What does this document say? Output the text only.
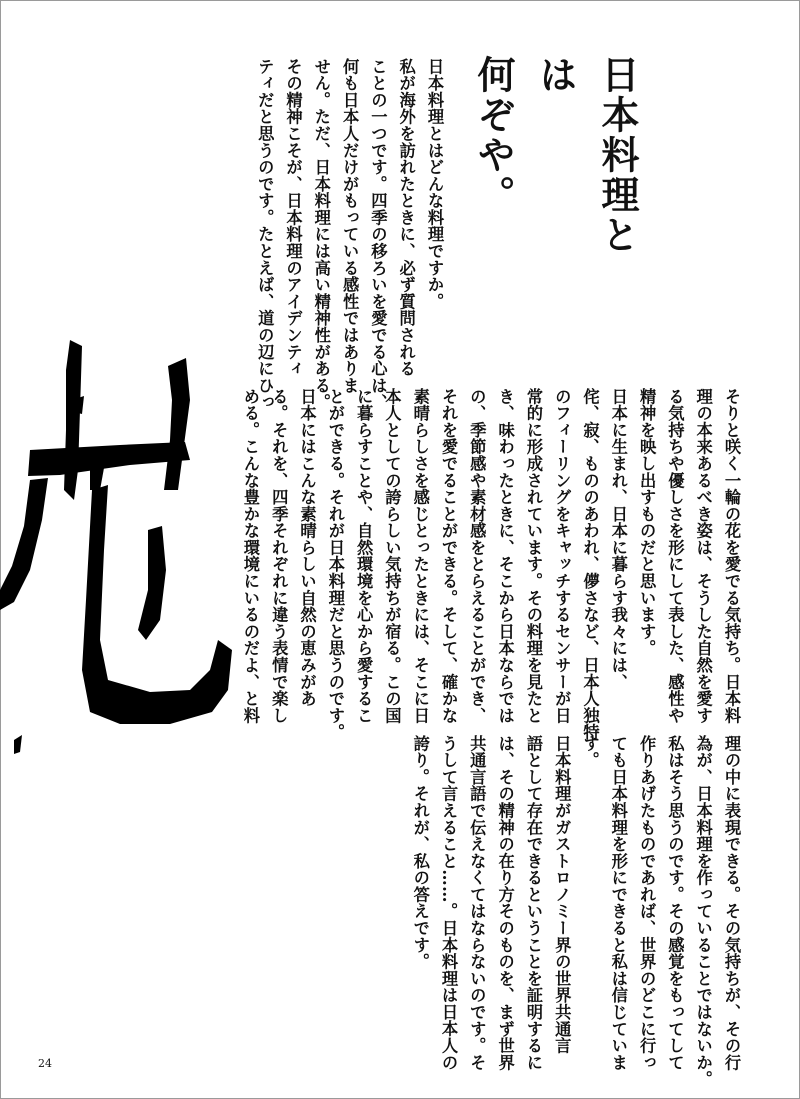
日本料理とは
何ぞや。
日本料理とはどんな料理ですか。
私が海外を訪れたときに、必ず質問される
ことの一つです。四季の移ろいを愛でる心は、
何も日本人だけがもっている感性ではありま
せん。ただ、日本料理には高い精神性がある。
その精神こそが、日本料理のアイデンティ
ティだと思うのです。たとえば、道の辺にひっ
そりと咲く一輪の花を愛でる気持ち。日本料
理の本来あるべき姿は、そうした自然を愛す
る気持ちや優しさを形にして表した、感性や
精神を映し出すものだと思います。
日本に生まれ、日本に暮らす我々には、
侘、寂、もののあわれ、儚さなど、日本人独特
のフィーリングをキャッチするセンサーが日
常的に形成されています。その料理を見たと
き、味わったときに、そこから日本ならでは
の、季節感や素材感をとらえることができ、
それを愛でることができる。そして、確かな
素晴らしさを感じとったときには、そこに日
本人としての誇らしい気持ちが宿る。この国
に暮らすことや、自然環境を心から愛するこ
とができる。それが日本料理だと思うのです。
日本にはこんな素晴らしい自然の恵みがあ
る。それを、四季それぞれに違う表情で楽し
める。こんな豊かな環境にいるのだよ、と料
理の中に表現できる。その気持ちが、その行
為が、日本料理を作っていることではないか。
私はそう思うのです。その感覚をもってして
作りあげたものであれば、世界のどこに行っ
ても日本料理を形にできると私は信じていま
す。
日本料理がガストロノミー界の世界共通言
語として存在できるということを証明するに
は、その精神の在り方そのものを、まず世界
共通言語で伝えなくてはならないのです。そ
うして言えること……。日本料理は日本人の
誇り。それが、私の答えです。
24
